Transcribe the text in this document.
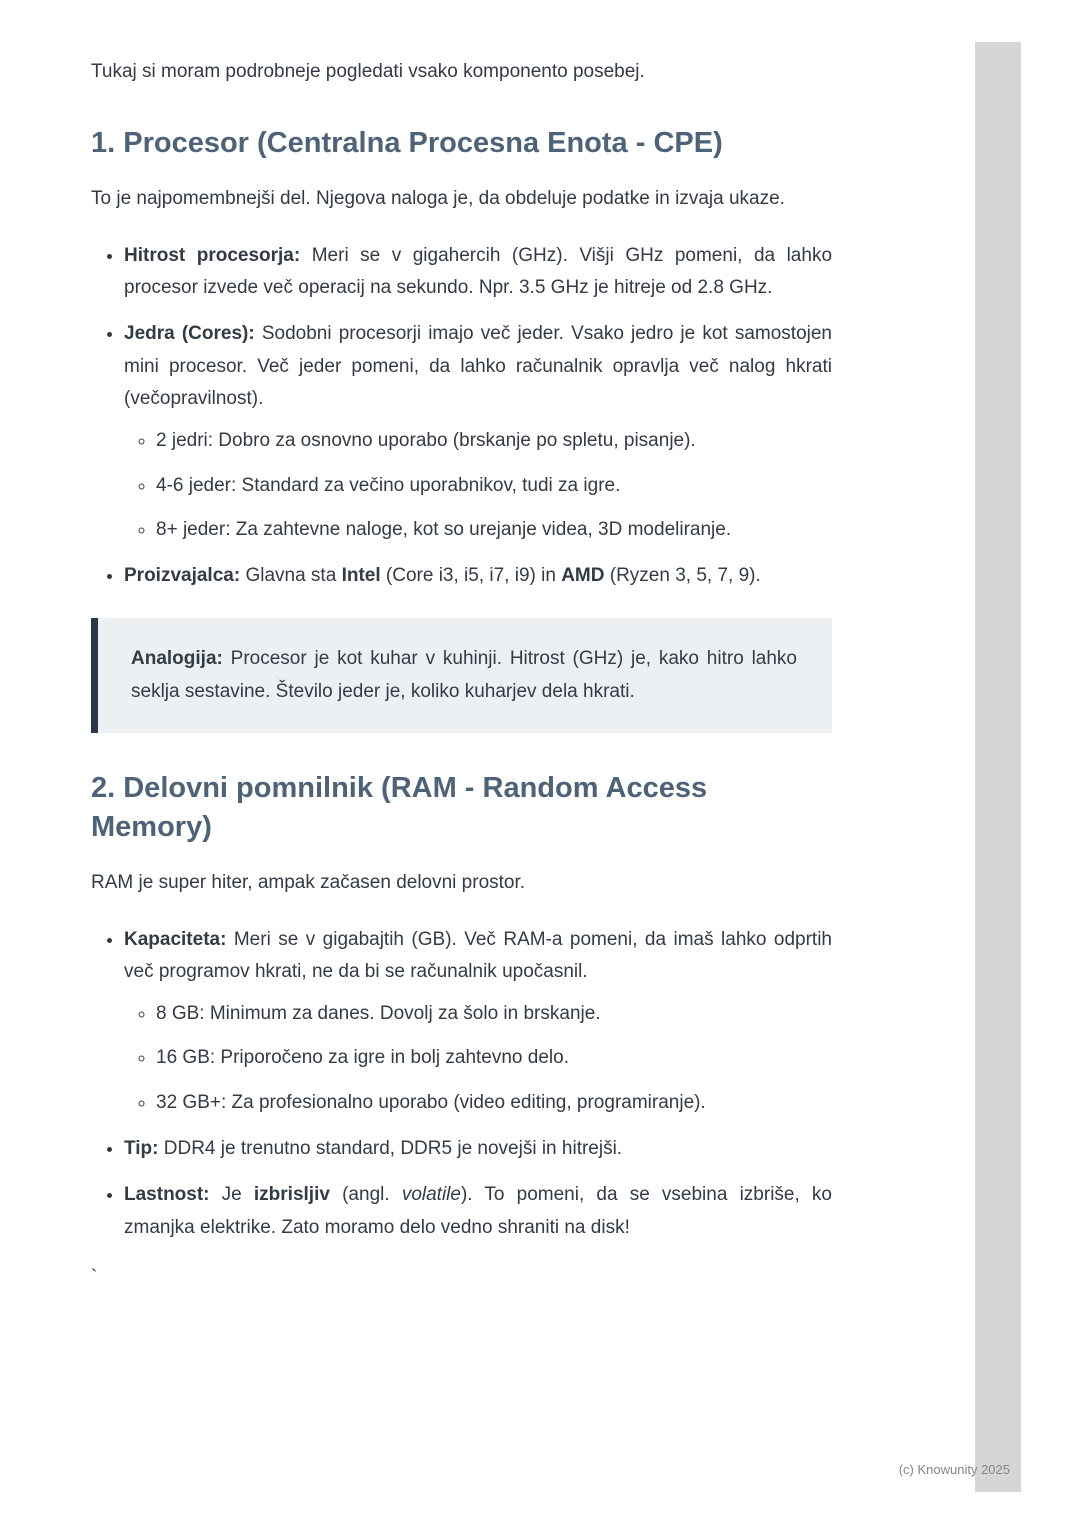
Tukaj si moram podrobneje pogledati vsako komponento posebej.

1. Procesor (Centralna Procesna Enota - CPE)

To je najpomembnejši del. Njegova naloga je, da obdeluje podatke in izvaja ukaze.

• Hitrost procesorja: Meri se v gigahercih (GHz). Višji GHz pomeni, da lahko procesor izvede več operacij na sekundo. Npr. 3.5 GHz je hitreje od 2.8 GHz.
• Jedra (Cores): Sodobni procesorji imajo več jeder. Vsako jedro je kot samostojen mini procesor. Več jeder pomeni, da lahko računalnik opravlja več nalog hkrati (večopravilnost).
◦ 2 jedri: Dobro za osnovno uporabo (brskanje po spletu, pisanje).
◦ 4-6 jeder: Standard za večino uporabnikov, tudi za igre.
◦ 8+ jeder: Za zahtevne naloge, kot so urejanje videa, 3D modeliranje.
• Proizvajalca: Glavna sta Intel (Core i3, i5, i7, i9) in AMD (Ryzen 3, 5, 7, 9).

Analogija: Procesor je kot kuhar v kuhinji. Hitrost (GHz) je, kako hitro lahko seklja sestavine. Število jeder je, koliko kuharjev dela hkrati.

2. Delovni pomnilnik (RAM - Random Access Memory)

RAM je super hiter, ampak začasen delovni prostor.

• Kapaciteta: Meri se v gigabajtih (GB). Več RAM-a pomeni, da imaš lahko odprtih več programov hkrati, ne da bi se računalnik upočasnil.
◦ 8 GB: Minimum za danes. Dovolj za šolo in brskanje.
◦ 16 GB: Priporočeno za igre in bolj zahtevno delo.
◦ 32 GB+: Za profesionalno uporabo (video editing, programiranje).
• Tip: DDR4 je trenutno standard, DDR5 je novejši in hitrejši.
• Lastnost: Je izbrisljiv (angl. volatile). To pomeni, da se vsebina izbriše, ko zmanjka elektrike. Zato moramo delo vedno shraniti na disk!

`

(c) Knowunity 2025
